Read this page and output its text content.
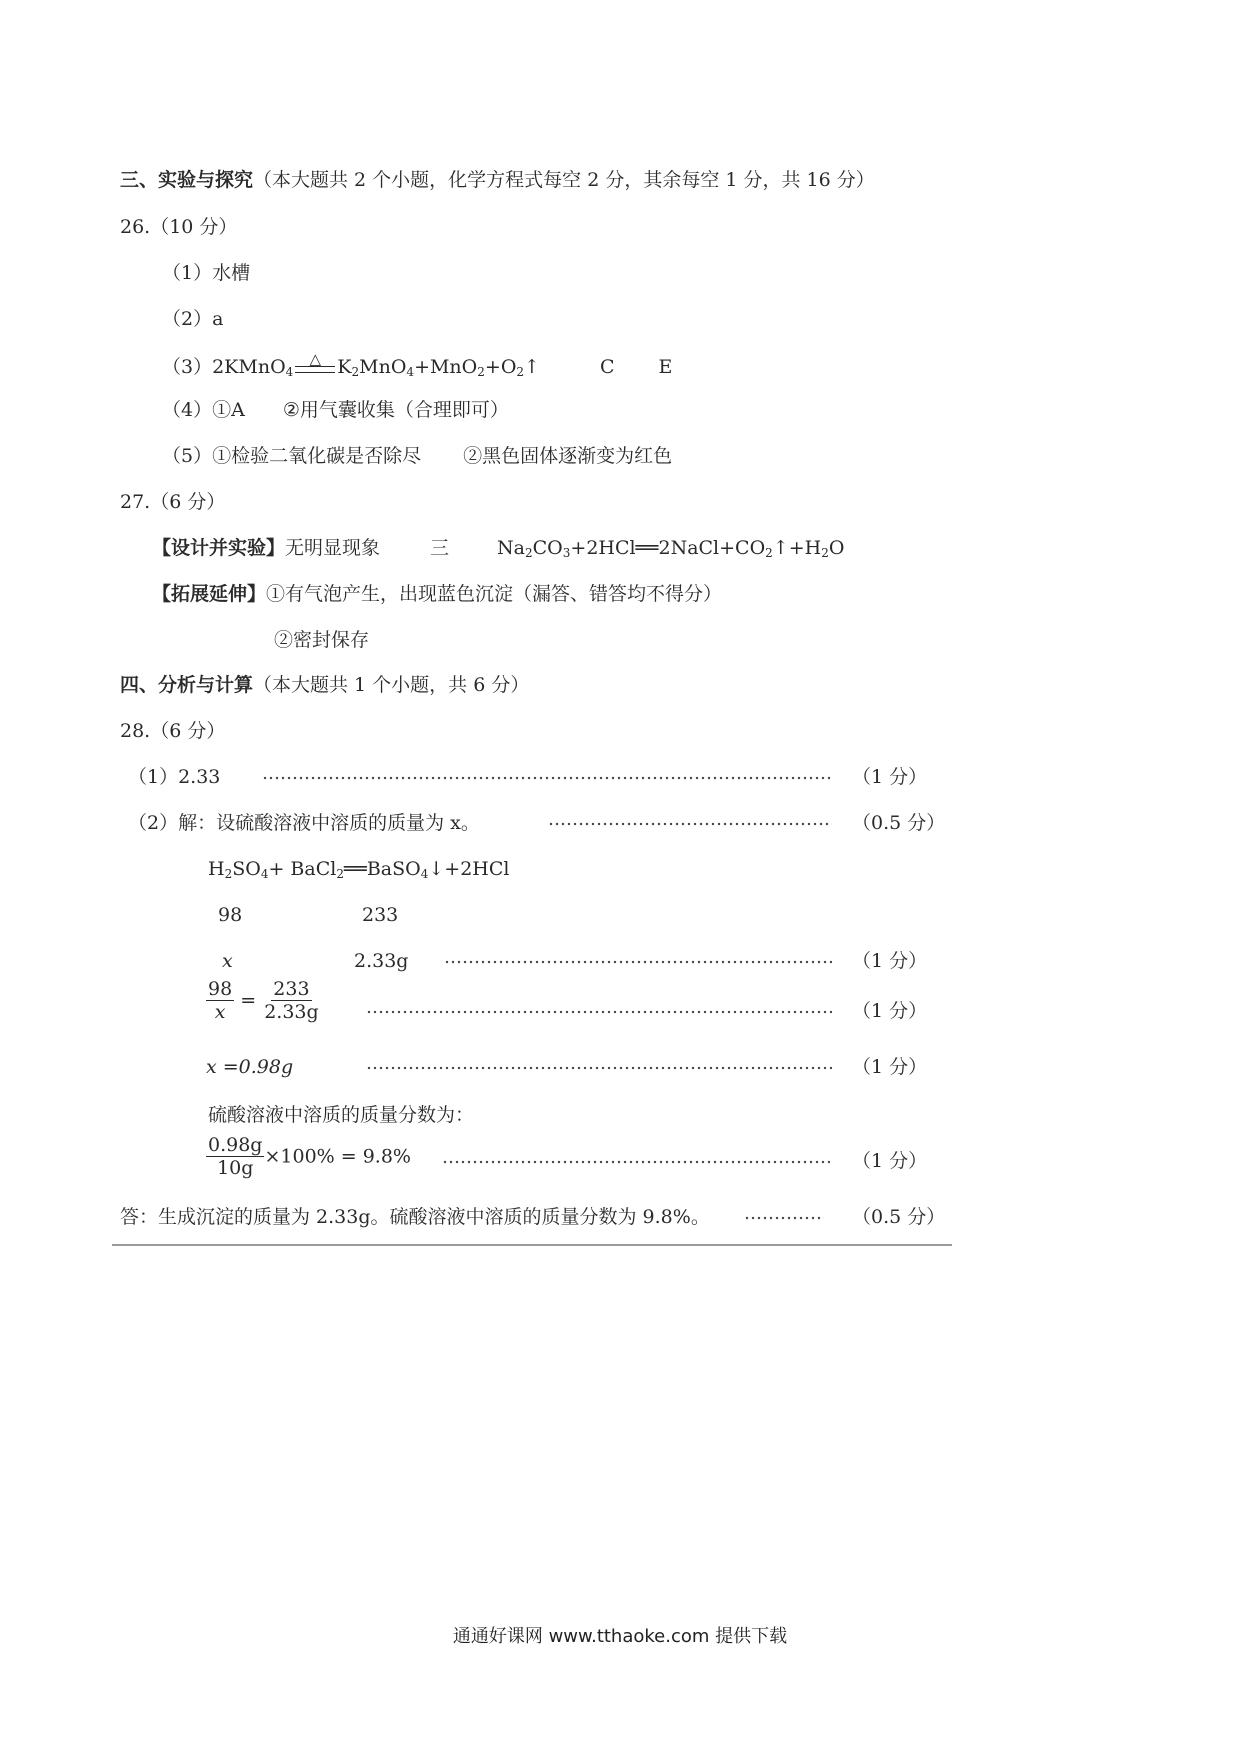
三、实验与探究（本大题共 2 个小题，化学方程式每空 2 分，其余每空 1 分，共 16 分）
26.（10 分）
（1）水槽
（2）a
（3）2KMnO$_4$
△ $K_2MnO_4+MnO_2+O_2↑$	C E
（4）①A ②用气囊收集（合理即可）
（5）①检验二氧化碳是否除尽 ②黑色固体逐渐变为红色
27.（6 分）
【设计并实验】无明显现象	三	$Na_2CO_3+2HCl══2NaCl+CO_2↑+H_2O$
【拓展延伸】①有气泡产生，出现蓝色沉淀（漏答、错答均不得分）
②密封保存
四、分析与计算（本大题共 1 个小题，共 6 分）
28.（6 分）
（1）2.33	（1 分）
（2）解：设硫酸溶液中溶质的质量为 x。	（0.5 分）
$H_2SO_4+$ BaCl$_2$══BaSO$_4$↓+2HCl
98	233
x	2.33g	（1 分）
$\frac{98}{x} = \frac{233}{2.33g}$	（1 分）
x =0.98g	（1 分）
硫酸溶液中溶质的质量分数为：
$\frac{0.98g}{10g} \times 100\% = 9.8\%$	（1 分）
答：生成沉淀的质量为 2.33g。硫酸溶液中溶质的质量分数为 9.8%。	（0.5 分）
通通好课网 www.tthaoke.com 提供下载
